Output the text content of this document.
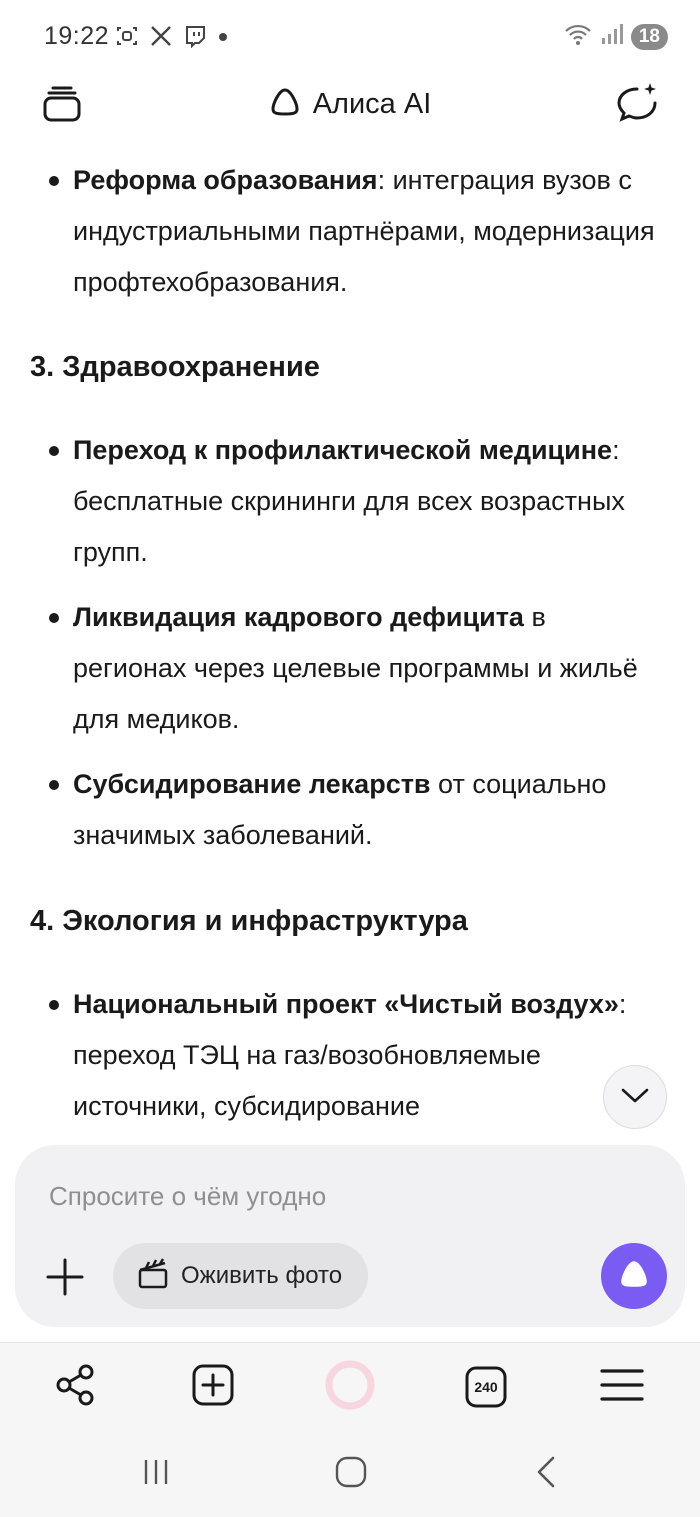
19:22	18
Алиса AI

Реформа образования: интеграция вузов с индустриальными партнёрами, модернизация профтехобразования.

3. Здравоохранение

Переход к профилактической медицине: бесплатные скрининги для всех возрастных групп.

Ликвидация кадрового дефицита в регионах через целевые программы и жильё для медиков.

Субсидирование лекарств от социально значимых заболеваний.

4. Экология и инфраструктура

Национальный проект «Чистый воздух»: переход ТЭЦ на газ/возобновляемые источники, субсидирование

Спросите о чём угодно
Оживить фото
240
